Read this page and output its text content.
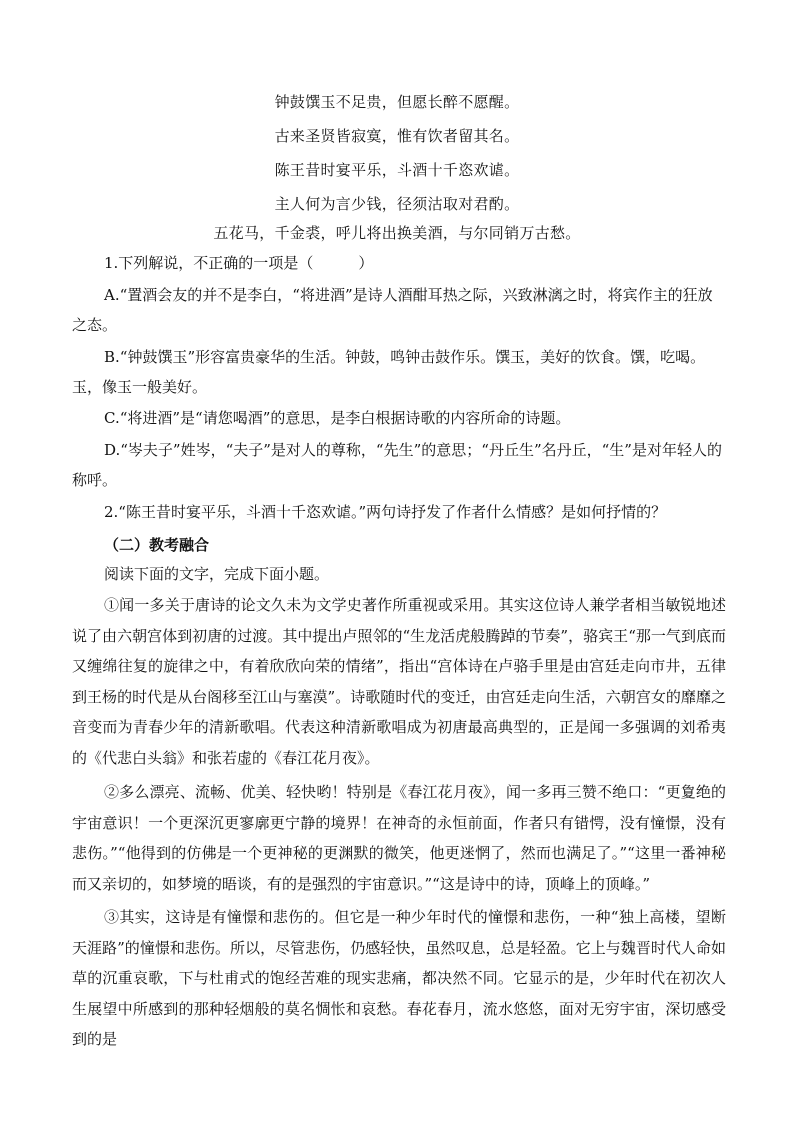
钟鼓馔玉不足贵，但愿长醉不愿醒。
古来圣贤皆寂寞，惟有饮者留其名。
陈王昔时宴平乐，斗酒十千恣欢谑。
主人何为言少钱，径须沽取对君酌。
五花马，千金裘，呼儿将出换美酒，与尔同销万古愁。
1.下列解说，不正确的一项是（　　　）
A.“置酒会友的并不是李白，“将进酒”是诗人酒酣耳热之际，兴致淋漓之时，将宾作主的狂放之态。
B.“钟鼓馔玉”形容富贵豪华的生活。钟鼓，鸣钟击鼓作乐。馔玉，美好的饮食。馔，吃喝。玉，像玉一般美好。
C.“将进酒”是“请您喝酒”的意思，是李白根据诗歌的内容所命的诗题。
D.“岑夫子”姓岑，“夫子”是对人的尊称，“先生”的意思；“丹丘生”名丹丘，“生”是对年轻人的称呼。
2.“陈王昔时宴平乐，斗酒十千恣欢谑。”两句诗抒发了作者什么情感？是如何抒情的？
（二）教考融合
阅读下面的文字，完成下面小题。
①闻一多关于唐诗的论文久未为文学史著作所重视或采用。其实这位诗人兼学者相当敏锐地述说了由六朝宫体到初唐的过渡。其中提出卢照邻的“生龙活虎般腾踔的节奏”，骆宾王“那一气到底而又缠绵往复的旋律之中，有着欣欣向荣的情绪”，指出“宫体诗在卢骆手里是由宫廷走向市井，五律到王杨的时代是从台阁移至江山与塞漠”。诗歌随时代的变迁，由宫廷走向生活，六朝宫女的靡靡之音变而为青春少年的清新歌唱。代表这种清新歌唱成为初唐最高典型的，正是闻一多强调的刘希夷的《代悲白头翁》和张若虚的《春江花月夜》。
②多么漂亮、流畅、优美、轻快哟！特别是《春江花月夜》，闻一多再三赞不绝口：“更夐绝的宇宙意识！一个更深沉更寥廓更宁静的境界！在神奇的永恒前面，作者只有错愕，没有憧憬，没有悲伤。”“他得到的仿佛是一个更神秘的更渊默的微笑，他更迷惘了，然而也满足了。”“这里一番神秘而又亲切的，如梦境的晤谈，有的是强烈的宇宙意识。”“这是诗中的诗，顶峰上的顶峰。”
③其实，这诗是有憧憬和悲伤的。但它是一种少年时代的憧憬和悲伤，一种“独上高楼，望断天涯路”的憧憬和悲伤。所以，尽管悲伤，仍感轻快，虽然叹息，总是轻盈。它上与魏晋时代人命如草的沉重哀歌，下与杜甫式的饱经苦难的现实悲痛，都决然不同。它显示的是，少年时代在初次人生展望中所感到的那种轻烟般的莫名惆怅和哀愁。春花春月，流水悠悠，面对无穷宇宙，深切感受到的是
